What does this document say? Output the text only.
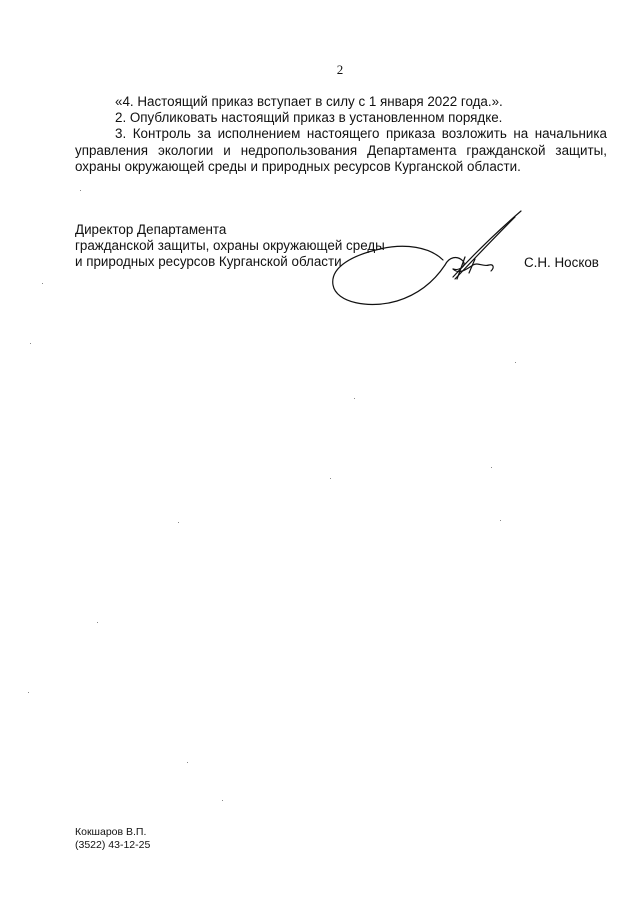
2

«4. Настоящий приказ вступает в силу с 1 января 2022 года.».

2. Опубликовать настоящий приказ в установленном порядке.

3. Контроль за исполнением настоящего приказа возложить на начальника управления экологии и недропользования Департамента гражданской защиты, охраны окружающей среды и природных ресурсов Курганской области.

Директор Департамента
гражданской защиты, охраны окружающей среды
и природных ресурсов Курганской области	С.Н. Носков
Кокшаров В.П.
(3522) 43-12-25
